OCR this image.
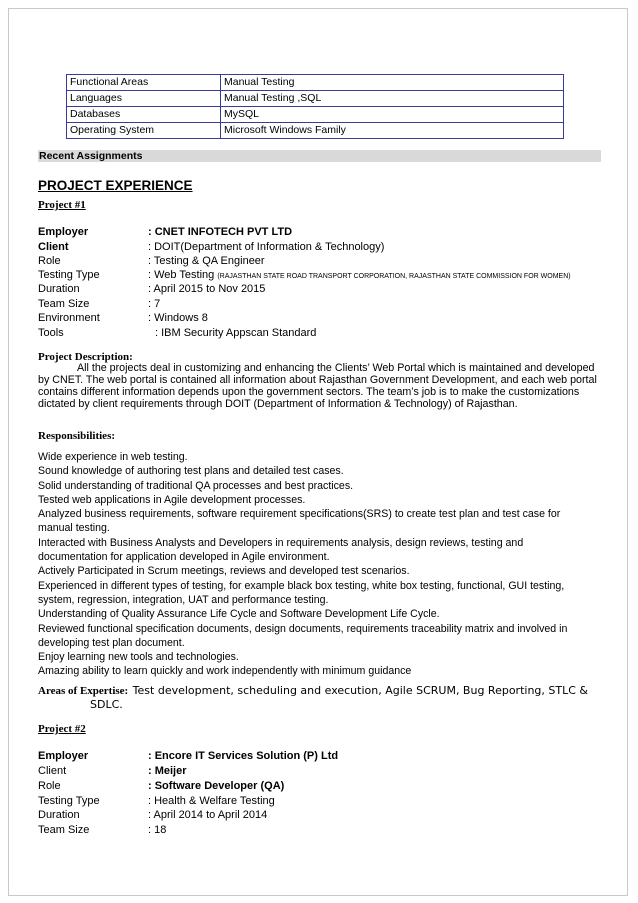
Functional Areas	Manual Testing
Languages	Manual Testing ,SQL
Databases	MySQL
Operating System	Microsoft Windows Family
Recent Assignments
PROJECT EXPERIENCE
Project #1
Employer	: CNET INFOTECH PVT LTD
Client	: DOIT(Department of Information & Technology)
Role	: Testing & QA Engineer
Testing Type	: Web Testing (RAJASTHAN STATE ROAD TRANSPORT CORPORATION, RAJASTHAN STATE COMMISSION FOR WOMEN)
Duration	: April 2015 to Nov 2015
Team Size	: 7
Environment	: Windows 8
Tools	: IBM Security Appscan Standard
Project Description:
All the projects deal in customizing and enhancing the Clients’ Web Portal which is maintained and developed
by CNET. The web portal is contained all information about Rajasthan Government Development, and each web portal
contains different information depends upon the government sectors. The team’s job is to make the customizations
dictated by client requirements through DOIT (Department of Information & Technology) of Rajasthan.
Responsibilities:
Wide experience in web testing.
Sound knowledge of authoring test plans and detailed test cases.
Solid understanding of traditional QA processes and best practices.
Tested web applications in Agile development processes.
Analyzed business requirements, software requirement specifications(SRS) to create test plan and test case for
manual testing.
Interacted with Business Analysts and Developers in requirements analysis, design reviews, testing and
documentation for application developed in Agile environment.
Actively Participated in Scrum meetings, reviews and developed test scenarios.
Experienced in different types of testing, for example black box testing, white box testing, functional, GUI testing,
system, regression, integration, UAT and performance testing.
Understanding of Quality Assurance Life Cycle and Software Development Life Cycle.
Reviewed functional specification documents, design documents, requirements traceability matrix and involved in
developing test plan document.
Enjoy learning new tools and technologies.
Amazing ability to learn quickly and work independently with minimum guidance
Areas of Expertise: Test development, scheduling and execution, Agile SCRUM, Bug Reporting, STLC &
SDLC.
Project #2
Employer	: Encore IT Services Solution (P) Ltd
Client	: Meijer
Role	: Software Developer (QA)
Testing Type	: Health & Welfare Testing
Duration	: April 2014 to April 2014
Team Size	: 18
